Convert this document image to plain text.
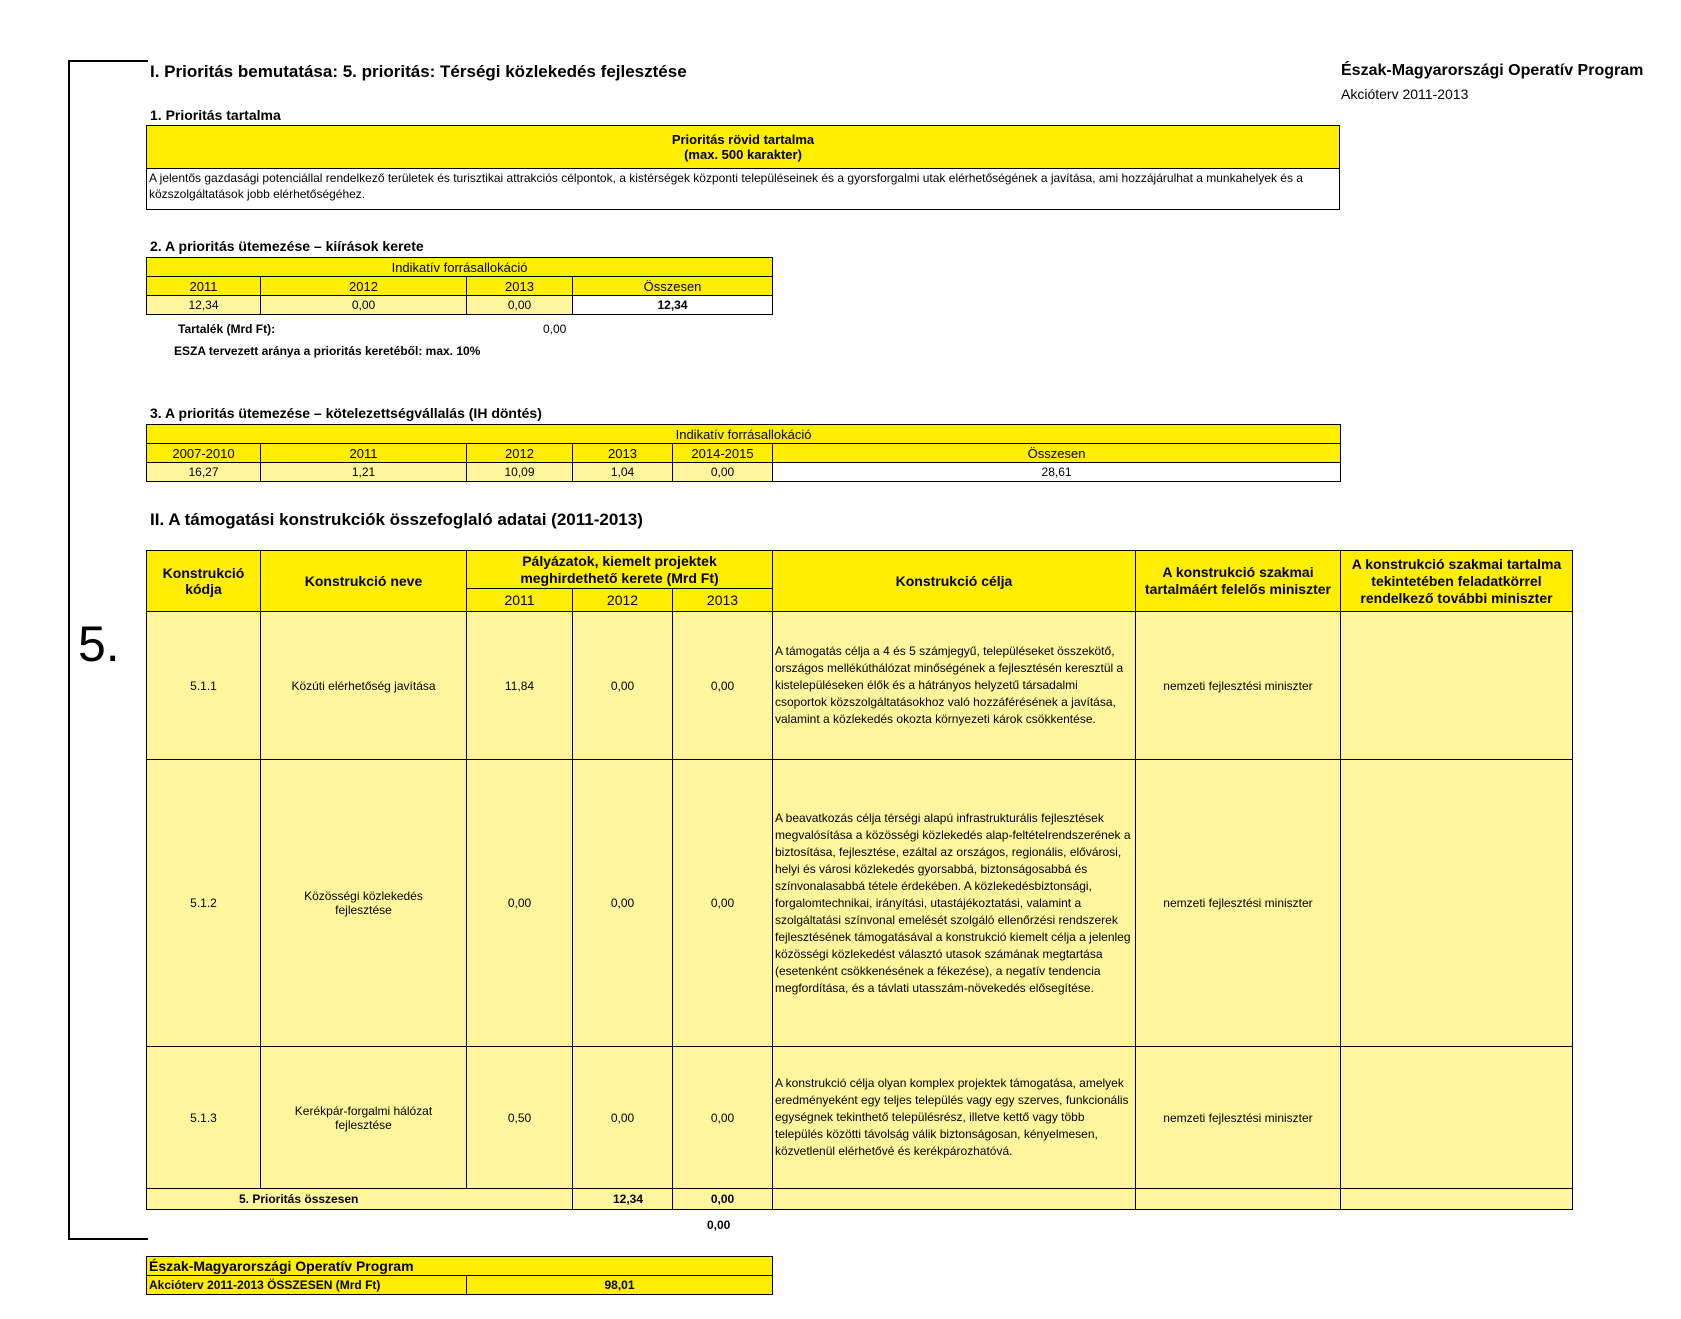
5.
I. Prioritás bemutatása: 5. prioritás: Térségi közlekedés fejlesztése	Észak-Magyarországi Operatív Program
Akcióterv 2011-2013
1. Prioritás tartalma
Prioritás rövid tartalma
(max. 500 karakter)

A jelentős gazdasági potenciállal rendelkező területek és turisztikai attrakciós célpontok, a kistérségek központi településeinek és a gyorsforgalmi utak elérhetőségének a javítása, ami hozzájárulhat a munkahelyek és a közszolgáltatások jobb elérhetőségéhez.
2. A prioritás ütemezése – kiírások kerete
Indikatív forrásallokáció			
2011	2012	2013	Összesen
12,34	0,00	0,00	12,34
Tartalék (Mrd Ft):	0,00
ESZA tervezett aránya a prioritás keretéből: max. 10%
3. A prioritás ütemezése – kötelezettségvállalás (IH döntés)
Indikatív forrásallokáció					
2007-2010	2011	2012	2013	2014-2015	Összesen
16,27	1,21	10,09	1,04	0,00	28,61
II. A támogatási konstrukciók összefoglaló adatai (2011-2013)
Konstrukció kódja	Konstrukció neve	Pályázatok, kiemelt projektek meghirdethető kerete (Mrd Ft)			Konstrukció célja	A konstrukció szakmai tartalmáért felelős miniszter	A konstrukció szakmai tartalma tekintetében feladatkörrel rendelkező további miniszter
		2011	2012	2013			
5.1.1	Közúti elérhetőség javítása	11,84	0,00	0,00	A támogatás célja a 4 és 5 számjegyű, településeket összekötő, országos mellékúthálózat minőségének a fejlesztésén keresztül a kistelepüléseken élők és a hátrányos helyzetű társadalmi csoportok közszolgáltatásokhoz való hozzáférésének a javítása, valamint a közlekedés okozta környezeti károk csökkentése.	nemzeti fejlesztési miniszter	
5.1.2	Közösségi közlekedés fejlesztése	0,00	0,00	0,00	A beavatkozás célja térségi alapú infrastrukturális fejlesztések megvalósítása a közösségi közlekedés alap-feltételrendszerének a biztosítása, fejlesztése, ezáltal az országos, regionális, elővárosi, helyi és városi közlekedés gyorsabbá, biztonságosabbá és színvonalasabbá tétele érdekében. A közlekedésbiztonsági, forgalomtechnikai, irányítási, utastájékoztatási, valamint a szolgáltatási színvonal emelését szolgáló ellenőrzési rendszerek fejlesztésének támogatásával a konstrukció kiemelt célja a jelenleg közösségi közlekedést választó utasok számának megtartása (esetenként csökkenésének a fékezése), a negatív tendencia megfordítása, és a távlati utasszám-növekedés elősegítése.	nemzeti fejlesztési miniszter	
5.1.3	Kerékpár-forgalmi hálózat fejlesztése	0,50	0,00	0,00	A konstrukció célja olyan komplex projektek támogatása, amelyek eredményeként egy teljes település vagy egy szerves, funkcionális egységnek tekinthető településrész, illetve kettő vagy több település közötti távolság válik biztonságosan, kényelmesen, közvetlenül elérhetővé és kerékpározhatóvá.	nemzeti fejlesztési miniszter	
5. Prioritás összesen			12,34	0,00			
0,00
Észak-Magyarországi Operatív Program
Akcióterv 2011-2013 ÖSSZESEN (Mrd Ft)	98,01
